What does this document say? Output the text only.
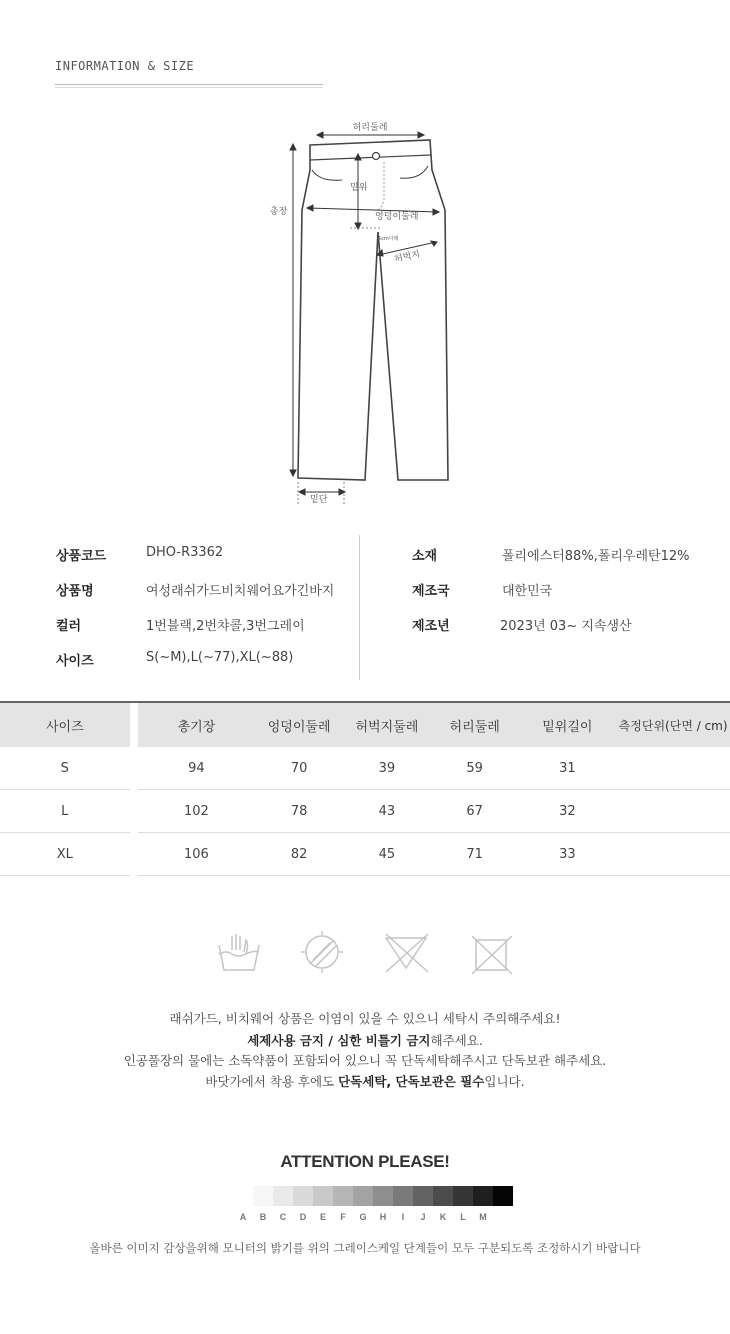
INFORMATION & SIZE
허리둘레
총장
밑위
엉덩이둘레
5cm아래
허벅지
밑단
상품코드	DHO-R3362
상품명	여성래쉬가드비치웨어요가긴바지
컬러	1번블랙,2번챠콜,3번그레이
사이즈	S(~M),L(~77),XL(~88)
소재	폴리에스터88%,폴리우레탄12%
제조국	대한민국
제조년	2023년 03~ 지속생산
사이즈		총기장	엉덩이둘레	허벅지둘레	허리둘레	밑위길이	측정단위(단면 / cm)
S		94	70	39	59	31	
L		102	78	43	67	32	
XL		106	82	45	71	33	
래쉬가드, 비치웨어 상품은 이염이 있을 수 있으니 세탁시 주의해주세요!
세제사용 금지 / 심한 비틀기 금지해주세요.
인공풀장의 물에는 소독약품이 포함되어 있으니 꼭 단독세탁해주시고 단독보관 해주세요.
바닷가에서 착용 후에도 단독세탁, 단독보관은 필수입니다.
ATTENTION PLEASE!
A	B	C	D	E	F	G	H	I	J	K	L	M
올바른 이미지 감상을위해 모니터의 밝기를 위의 그레이스케일 단계들이 모두 구분되도록 조정하시기 바랍니다
